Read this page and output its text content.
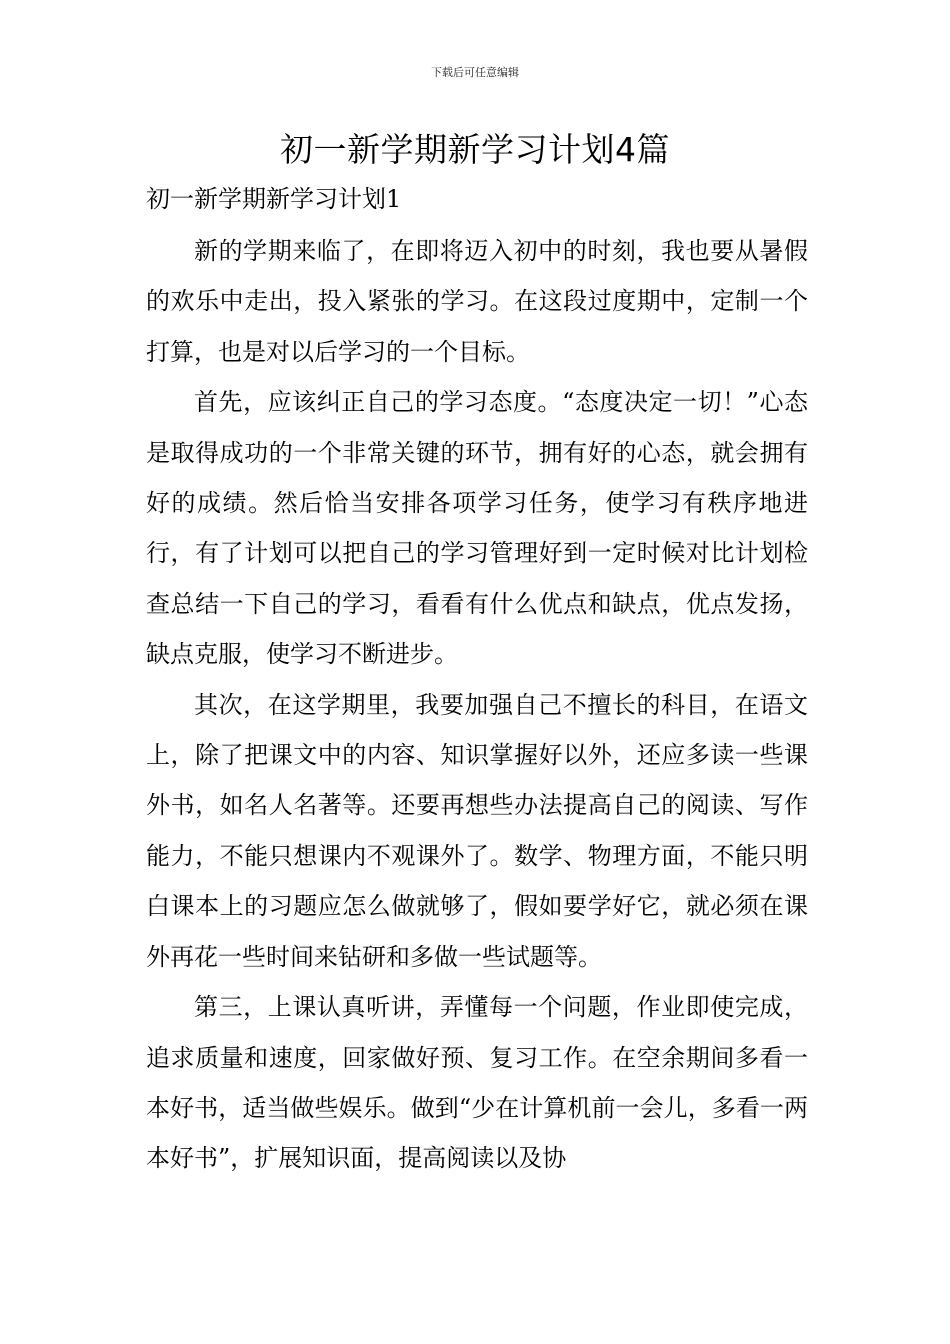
下载后可任意编辑
初一新学期新学习计划4篇
初一新学期新学习计划1

新的学期来临了，在即将迈入初中的时刻，我也要从暑假的欢乐中走出，投入紧张的学习。在这段过度期中，定制一个打算，也是对以后学习的一个目标。

首先，应该纠正自己的学习态度。“态度决定一切！”心态是取得成功的一个非常关键的环节，拥有好的心态，就会拥有好的成绩。然后恰当安排各项学习任务，使学习有秩序地进行，有了计划可以把自己的学习管理好到一定时候对比计划检查总结一下自己的学习，看看有什么优点和缺点，优点发扬，缺点克服，使学习不断进步。

其次，在这学期里，我要加强自己不擅长的科目，在语文上，除了把课文中的内容、知识掌握好以外，还应多读一些课外书，如名人名著等。还要再想些办法提高自己的阅读、写作能力，不能只想课内不观课外了。数学、物理方面，不能只明白课本上的习题应怎么做就够了，假如要学好它，就必须在课外再花一些时间来钻研和多做一些试题等。

第三，上课认真听讲，弄懂每一个问题，作业即使完成，追求质量和速度，回家做好预、复习工作。在空余期间多看一本好书，适当做些娱乐。做到“少在计算机前一会儿，多看一两本好书”，扩展知识面，提高阅读以及协
